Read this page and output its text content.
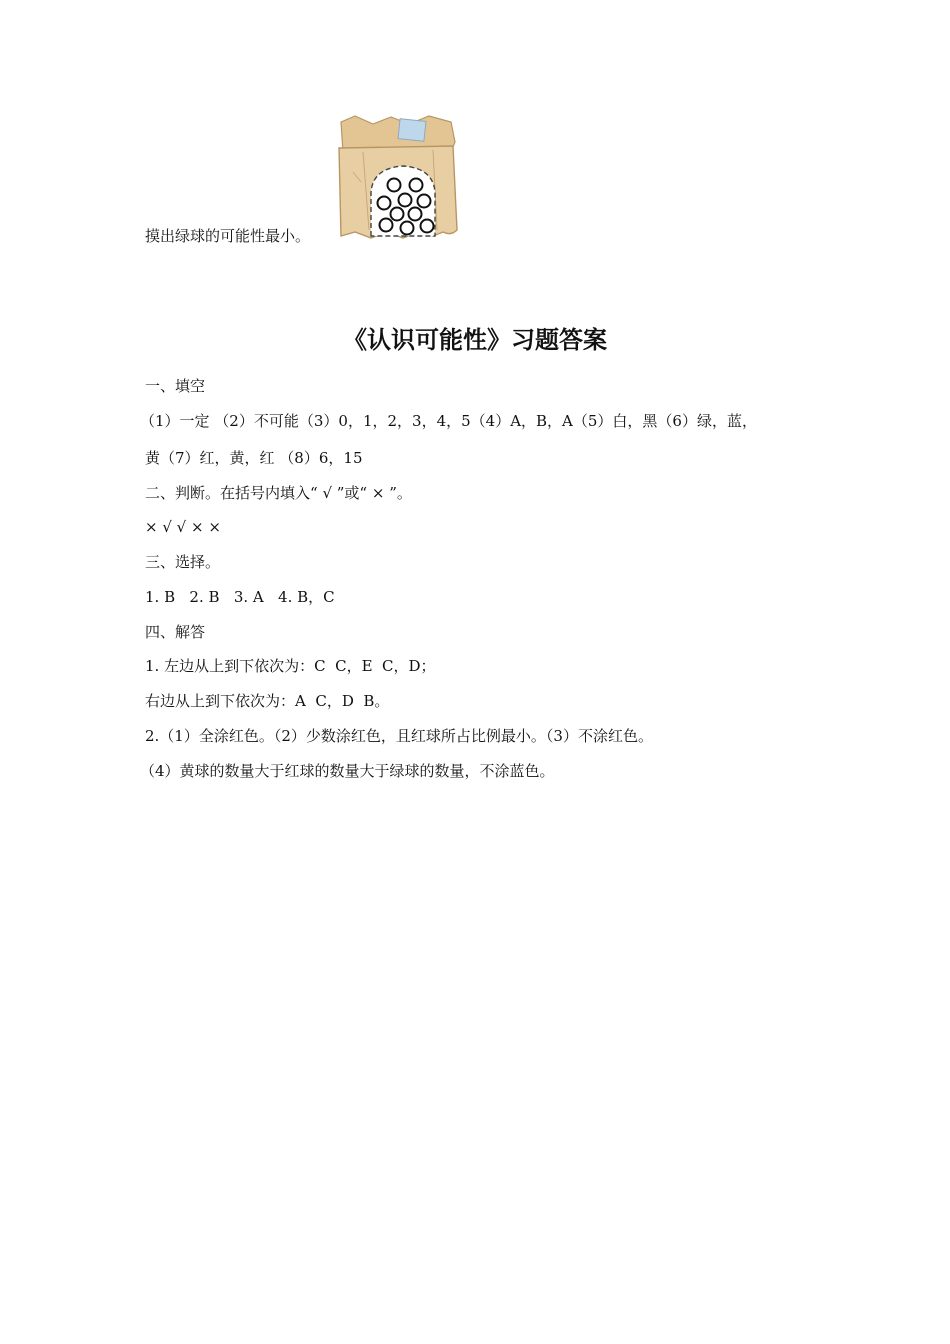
摸出绿球的可能性最小。
《认识可能性》习题答案
一、填空
（1）一定 （2）不可能（3）0，1，2，3，4，5（4）A，B，A（5）白，黑（6）绿，蓝，
黄（7）红，黄，红 （8）6，15
二、判断。在括号内填入“ √ ”或“ × ”。
× √ √ × ×
三、选择。
1. B   2. B   3. A   4. B，C
四、解答
1. 左边从上到下依次为：C  C，E  C，D；
右边从上到下依次为：A  C，D  B。
2.（1）全涂红色。（2）少数涂红色，且红球所占比例最小。（3）不涂红色。
（4）黄球的数量大于红球的数量大于绿球的数量，不涂蓝色。
